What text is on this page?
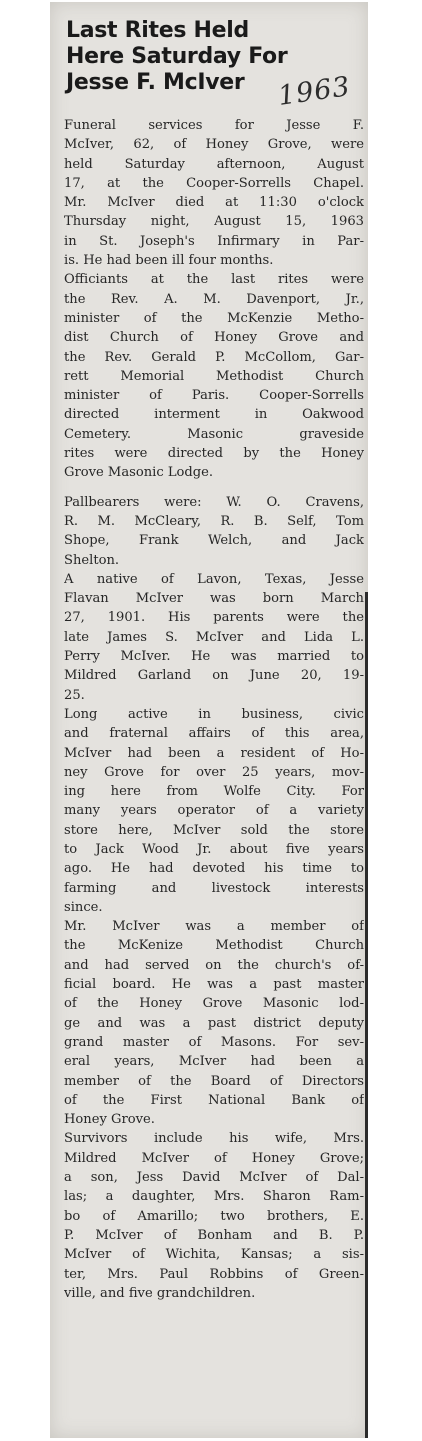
Last Rites Held
Here Saturday For
Jesse F. McIver	1963
Funeral services for Jesse F.
McIver, 62, of Honey Grove, were
held Saturday afternoon, August
17, at the Cooper-Sorrells Chapel.
Mr. McIver died at 11:30 o'clock
Thursday night, August 15, 1963
in St. Joseph's Infirmary in Par-
is. He had been ill four months.
Officiants at the last rites were
the Rev. A. M. Davenport, Jr.,
minister of the McKenzie Metho-
dist Church of Honey Grove and
the Rev. Gerald P. McCollom, Gar-
rett Memorial Methodist Church
minister of Paris. Cooper-Sorrells
directed interment in Oakwood
Cemetery. Masonic graveside
rites were directed by the Honey
Grove Masonic Lodge.
Pallbearers were: W. O. Cravens,
R. M. McCleary, R. B. Self, Tom
Shope, Frank Welch, and Jack
Shelton.
A native of Lavon, Texas, Jesse
Flavan McIver was born March
27, 1901. His parents were the
late James S. McIver and Lida L.
Perry McIver. He was married to
Mildred Garland on June 20, 19-
25.
Long active in business, civic
and fraternal affairs of this area,
McIver had been a resident of Ho-
ney Grove for over 25 years, mov-
ing here from Wolfe City. For
many years operator of a variety
store here, McIver sold the store
to Jack Wood Jr. about five years
ago. He had devoted his time to
farming and livestock interests
since.
Mr. McIver was a member of
the McKenize Methodist Church
and had served on the church's of-
ficial board. He was a past master
of the Honey Grove Masonic lod-
ge and was a past district deputy
grand master of Masons. For sev-
eral years, McIver had been a
member of the Board of Directors
of the First National Bank of
Honey Grove.
Survivors include his wife, Mrs.
Mildred McIver of Honey Grove;
a son, Jess David McIver of Dal-
las; a daughter, Mrs. Sharon Ram-
bo of Amarillo; two brothers, E.
P. McIver of Bonham and B. P.
McIver of Wichita, Kansas; a sis-
ter, Mrs. Paul Robbins of Green-
ville, and five grandchildren.
